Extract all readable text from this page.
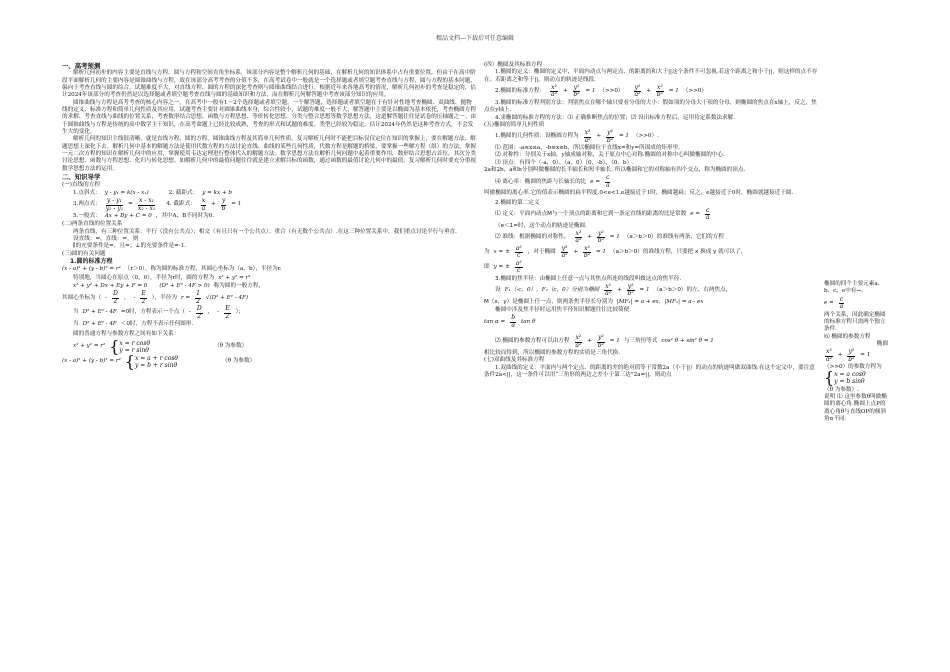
精品文档---下载后可任意编辑

一、高考预测

解析几何初步的内容主要是直线与方程、圆与方程和空间直角坐标系，该部分内容是整个解析几何的基础，在解析几何的知识体系中占有重要位置，但由于在高中阶段平面解析几何的主要内容是圆锥曲线与方程，故在该部分高考考查的分值不多，在高考试卷中一般就是一个选择题或者填空题考查直线与方程、圆与方程的基本问题，偏向于考查直线与圆的综合，试题难度不大，对直线方程、圆的方程的深化考查则与圆锥曲线结合进行。根据近年来各地高考的情况，解析几何初步的考查是稳定的，估计2024年该部分的考查仍然是以选择题或者填空题考查直线与圆的基础知识和方法，而在解析几何解答题中考查该部分知识的应用。

圆锥曲线与方程是高考考查的核心内容之一，在高考中一般有1～2个选择题或者填空题，一个解答题，选择题或者填空题在于有针对性地考查椭圆、双曲线、抛物线的定义、标准方程和简单几何性质及其应用，试题考查主要针对圆锥曲线本身，综合性较小，试题的难度一般不大；解答题中主要是以椭圆为基本依托，考查椭圆方程的求解、考查直线与曲线的位置关系，考查数形结合思想、函数与方程思想、等价转化思想、分类与整合思想等数学思想方法，这道解答题往往是试卷的压轴题之一。由于圆锥曲线与方程是传统的高中数学主干知识，在高考命题上已经比较成熟，考查的形式和试题的难度、类型已经较为稳定，估计2024年仍然是这种考查方式，不会发生大的变化。

解析几何的知识主线很清晰，就是直线方程、圆的方程、圆锥曲线方程及其简单几何性质，复习解析几何时不能把目标仅仅定位在知识的掌握上，要在解题方法、解题思想上深化下去。解析几何中基本的解题方法是使用代数方程的方法讨论直线、曲线的某些几何性质，代数方程是解题的桥梁，要掌握一些解方程（组）的方法，掌握一元二次方程的知识在解析几何中的应用，掌握使用韦达定理进行整体代入的解题方法；数学思想方法在解析几何问题中起着重要作用，数形结合思想占首位，其次分类讨论思想、函数与方程思想、化归与转化思想。如解析几何中的最值问题往往就是建立求解目标的函数，通过函数的最值讨论几何中的最值，复习解析几何时要充分重视数学思想方法的运用。

二、知识导学

(一)直线的方程

1.点斜式： y - y₁ = k(x - x₁)	2. 截距式： y = kx + b
3.两点式： $\frac{\text{y - y₁}}{\text{y₂ - y₁}} = \frac{\text{x - x₁}}{\text{x₂ - x₁}} 4$. 截距式：
x
a
+ $\frac{y}{b} = 1$
5.一般式： Ax + By + C = 0 ，其中A、B不同时为0.

(二)两条直线的位置关系

两条直线，有三种位置关系：平行（没有公共点）；相交（有且只有一个公共点）；重合（有无数个公共点）.在这三种位置关系中，我们重点讨论平行与垂直.

设直线：=，直线：=，则

∥的充要条件是=，且=；⊥的充要条件是=-1.

(三)圆的有关问题

1.圆的标准方程

(x - a)² + (y - b)² = r² （r＞0），称为圆的标准方程，其圆心坐标为（a，b），半径为r.
特别地，当圆心在原点（0，0），半径为r时，圆的方程为 x² + y² = r²
x² + y² + Dx + Ey + F = 0 (D² + E² - 4F > 0) 称为圆的一般方程，
其圆心坐标为（ -
D
2
， -
E
2
），半径为 $r = \frac{1}{2} √(D^2 + E^2 - 4F)$
当 D² + E² - 4F =0时，方程表示一个点（ -
D
2
， -
E
2
）；
当 D² + E² - 4F ＜0时，方程不表示任何图形.

圆的普通方程与参数方程之间有如下关系：

x² + y² = r² { x = r cosθ
y = r sinθ
（θ 为参数）
(x - a)² + (y - b)² = r² { x = a + r cosθ
y = b + r sinθ
（θ 为参数）

(四）椭圆及其标准方程

1.椭圆的定义：椭圆的定义中，平面内动点与两定点、的距离的和大于||这个条件不可忽视.若这个距离之和小于||，则这样的点不存在；若距离之和等于||，则动点的轨迹是线段.

2.椭圆的标准方程：
x²
a²
+ $\frac{\text{y²}}{\text{b²}} = 1$ （>>0）
y²
a²
+ $\frac{\text{x²}}{\text{b²}} = 1$ （>>0）

3.椭圆的标准方程判别方法：判别焦点在哪个轴只要看分母的大小：假如项的分母大于项的分母，则椭圆的焦点在x轴上，反之，焦点在y轴上.

4.求椭圆的标准方程的方法：⑴ 正确推断焦点的位置；⑵ 设出标准方程后，运用待定系数法求解.

(五)椭圆的简单几何性质

1.椭圆的几何性质：设椭圆方程为
x²
a²
+ $\frac{\text{y²}}{\text{b²}} = 1$ （>>0）.

⑴ 范围：-a≤x≤a，-b≤x≤b，所以椭圆位于直线x=和y=所围成的矩形里.

⑵ 对称性：分别关于x轴、y轴成轴对称，关于原点中心对称.椭圆的对称中心叫做椭圆的中心.

⑶ 顶点：有四个（-a，0）、（a，0）（0，-b）、（0，b）.

2a和2b，a和b分别叫做椭圆的长半轴长和短半轴长. 所以椭圆和它的对称轴有四个交点，称为椭圆的顶点.

⑷ 离心率：椭圆的焦距与长轴长的比 $e = \frac{c}{a}$

叫做椭圆的离心率.它的值表示椭圆的扁平程度.0<e<1.e越接近于1时，椭圆越扁；反之，e越接近于0时，椭圆就越接近于圆.

2.椭圆的第二定义

⑴ 定义：平面内动点M与一个顶点的距离和它到一条定直线的距离的比是常数 $e = \frac{c}{a}$

（e＜1=时，这个动点的轨迹是椭圆.

⑵ 准线：根据椭圆的对称性，
x²
a²
+ $\frac{\text{y²}}{\text{b²}} = 1$ （a＞b＞0）的准线有两条，它们的方程
为 x = ± $\frac{\text{a²}}{c}$ ，对于椭圆
y²
a²
+ $\frac{\text{x²}}{\text{b²}} = 1$ （a＞b＞0）的准线方程，只要把 x 换成 y 就可以了，
即 y = ± $\frac{\text{a²}}{c}$

3.椭圆的焦半径：由椭圆上任意一点与其焦点所连的线段叫做这点的焦半径.

设 F₁（-c，0），F₂（c，0）分别为椭圆
x²
a²
+ $\frac{\text{y²}}{\text{b²}} = 1$ （a＞b＞0）的左、右两焦点，
M（x，y）是椭圆上任一点，则两条焦半径长分别为 |MF₁| = a + ex，|MF₂| = a - ex

椭圆中涉及焦半径时运用焦半径知识解题往往比较简便.

$\tan \alpha = \frac{b}{a}$ tan θ
⑵ 椭圆的参数方程可以由方程
x²
a²
+ $\frac{\text{y²}}{\text{b²}} = 1$ 与三角恒等式 cos² θ + sin² θ = 1

相比较而得到，所以椭圆的参数方程的实质是三角代换.

(七)双曲线及其标准方程

1.双曲线的定义：平面内与两个定点、的距离的差的绝对值等于常数2a（小于||）的动点的轨迹叫做双曲线.在这个定义中，要注意条件2a<||，这一条件可以用“三角形的两边之差小于第三边”2a=||，则动点

椭圆的四个主要元素a、b、c、e中有→、

$e = \frac{c}{a}$

两个关系，因此确定椭圆的标准方程只需两个独立条件.

⑹ 椭圆的参数方程

椭圆

x²
a²
+ $\frac{\text{y²}}{\text{b²}} = 1$

（>>0）的参数方程为

{ x = a cosθ
y = b sinθ

（θ 为参数）.

说明 ⑴ 这里参数θ叫做椭圆的离心角.椭圆上点P的离心角θ与直线OP的倾斜角α不同：
